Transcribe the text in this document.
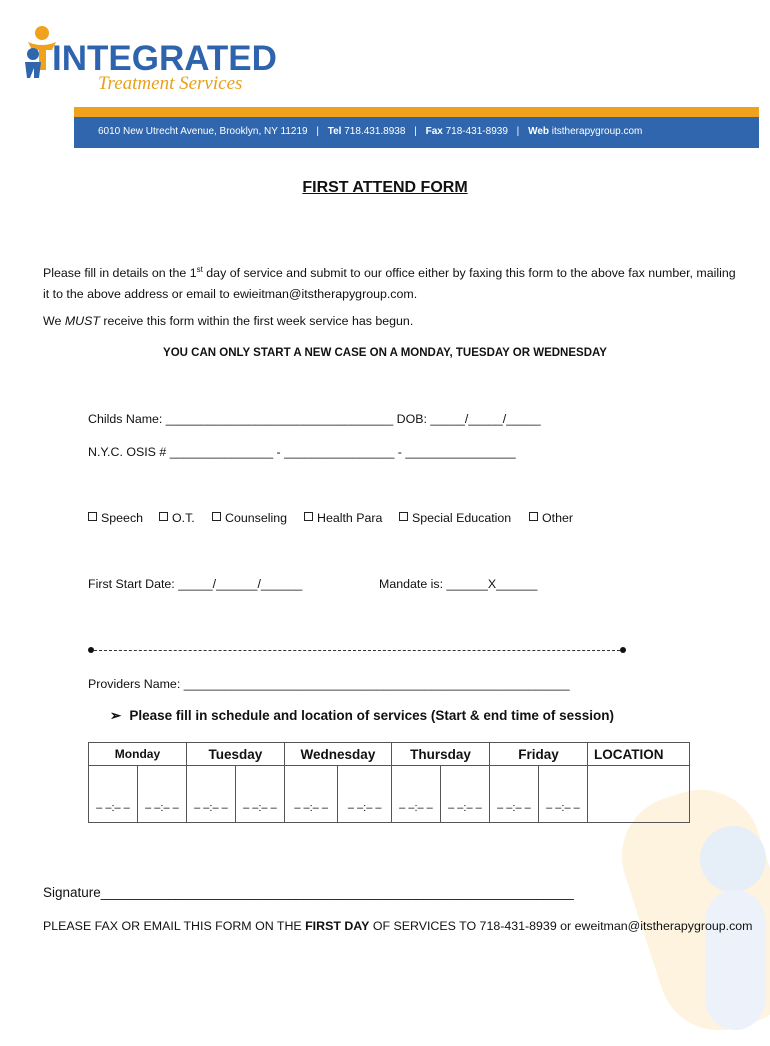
INTEGRATED
Treatment Services
6010 New Utrecht Avenue, Brooklyn, NY 11219 | Tel 718.431.8938 | Fax 718-431-8939 | Web itstherapygroup.com
FIRST ATTEND FORM
Please fill in details on the 1st day of service and submit to our office either by faxing this form to the above fax number, mailing it to the above address or email to ewieitman@itstherapygroup.com.
We MUST receive this form within the first week service has begun.
YOU CAN ONLY START A NEW CASE ON A MONDAY, TUESDAY OR WEDNESDAY
Childs Name: _________________________________ DOB: _____/_____/_____
N.Y.C. OSIS # _______________ - ________________ - ________________
Speech	O.T.	Counseling	Health Para	Special Education	Other
First Start Date: _____/______/______	Mandate is: ______X______
Providers Name: ________________________________________________________
➢ Please fill in schedule and location of services (Start & end time of session)
Monday		Tuesday		Wednesday		Thursday		Friday		LOCATION
– –:– –	– –:– –	– –:– –	– –:– –	– –:– –	– –:– –	– –:– –	– –:– –	– –:– –	– –:– –	
Signature_______________________________________________________________
PLEASE FAX OR EMAIL THIS FORM ON THE FIRST DAY OF SERVICES TO 718-431-8939 or eweitman@itstherapygroup.com
